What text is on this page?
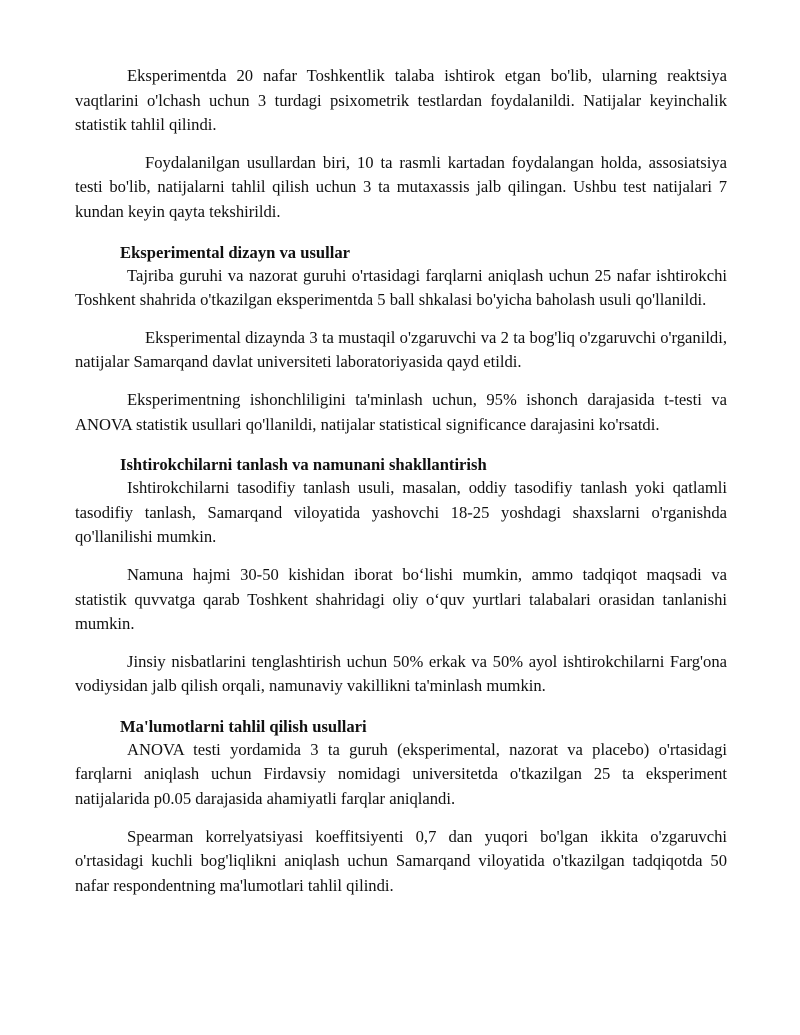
Eksperimentda 20 nafar Toshkentlik talaba ishtirok etgan bo'lib, ularning reaktsiya vaqtlarini o'lchash uchun 3 turdagi psixometrik testlardan foydalanildi. Natijalar keyinchalik statistik tahlil qilindi.

Foydalanilgan usullardan biri, 10 ta rasmli kartadan foydalangan holda, assosiatsiya testi bo'lib, natijalarni tahlil qilish uchun 3 ta mutaxassis jalb qilingan. Ushbu test natijalari 7 kundan keyin qayta tekshirildi.

Eksperimental dizayn va usullar

Tajriba guruhi va nazorat guruhi o'rtasidagi farqlarni aniqlash uchun 25 nafar ishtirokchi Toshkent shahrida o'tkazilgan eksperimentda 5 ball shkalasi bo'yicha baholash usuli qo'llanildi.

Eksperimental dizaynda 3 ta mustaqil o'zgaruvchi va 2 ta bog'liq o'zgaruvchi o'rganildi, natijalar Samarqand davlat universiteti laboratoriyasida qayd etildi.

Eksperimentning ishonchliligini ta'minlash uchun, 95% ishonch darajasida t-testi va ANOVA statistik usullari qo'llanildi, natijalar statistical significance darajasini ko'rsatdi.

Ishtirokchilarni tanlash va namunani shakllantirish

Ishtirokchilarni tasodifiy tanlash usuli, masalan, oddiy tasodifiy tanlash yoki qatlamli tasodifiy tanlash, Samarqand viloyatida yashovchi 18-25 yoshdagi shaxslarni o'rganishda qo'llanilishi mumkin.

Namuna hajmi 30-50 kishidan iborat bo‘lishi mumkin, ammo tadqiqot maqsadi va statistik quvvatga qarab Toshkent shahridagi oliy o‘quv yurtlari talabalari orasidan tanlanishi mumkin.

Jinsiy nisbatlarini tenglashtirish uchun 50% erkak va 50% ayol ishtirokchilarni Farg'ona vodiysidan jalb qilish orqali, namunaviy vakillikni ta'minlash mumkin.

Ma'lumotlarni tahlil qilish usullari

ANOVA testi yordamida 3 ta guruh (eksperimental, nazorat va placebo) o'rtasidagi farqlarni aniqlash uchun Firdavsiy nomidagi universitetda o'tkazilgan 25 ta eksperiment natijalarida p0.05 darajasida ahamiyatli farqlar aniqlandi.

Spearman korrelyatsiyasi koeffitsiyenti 0,7 dan yuqori bo'lgan ikkita o'zgaruvchi o'rtasidagi kuchli bog'liqlikni aniqlash uchun Samarqand viloyatida o'tkazilgan tadqiqotda 50 nafar respondentning ma'lumotlari tahlil qilindi.
